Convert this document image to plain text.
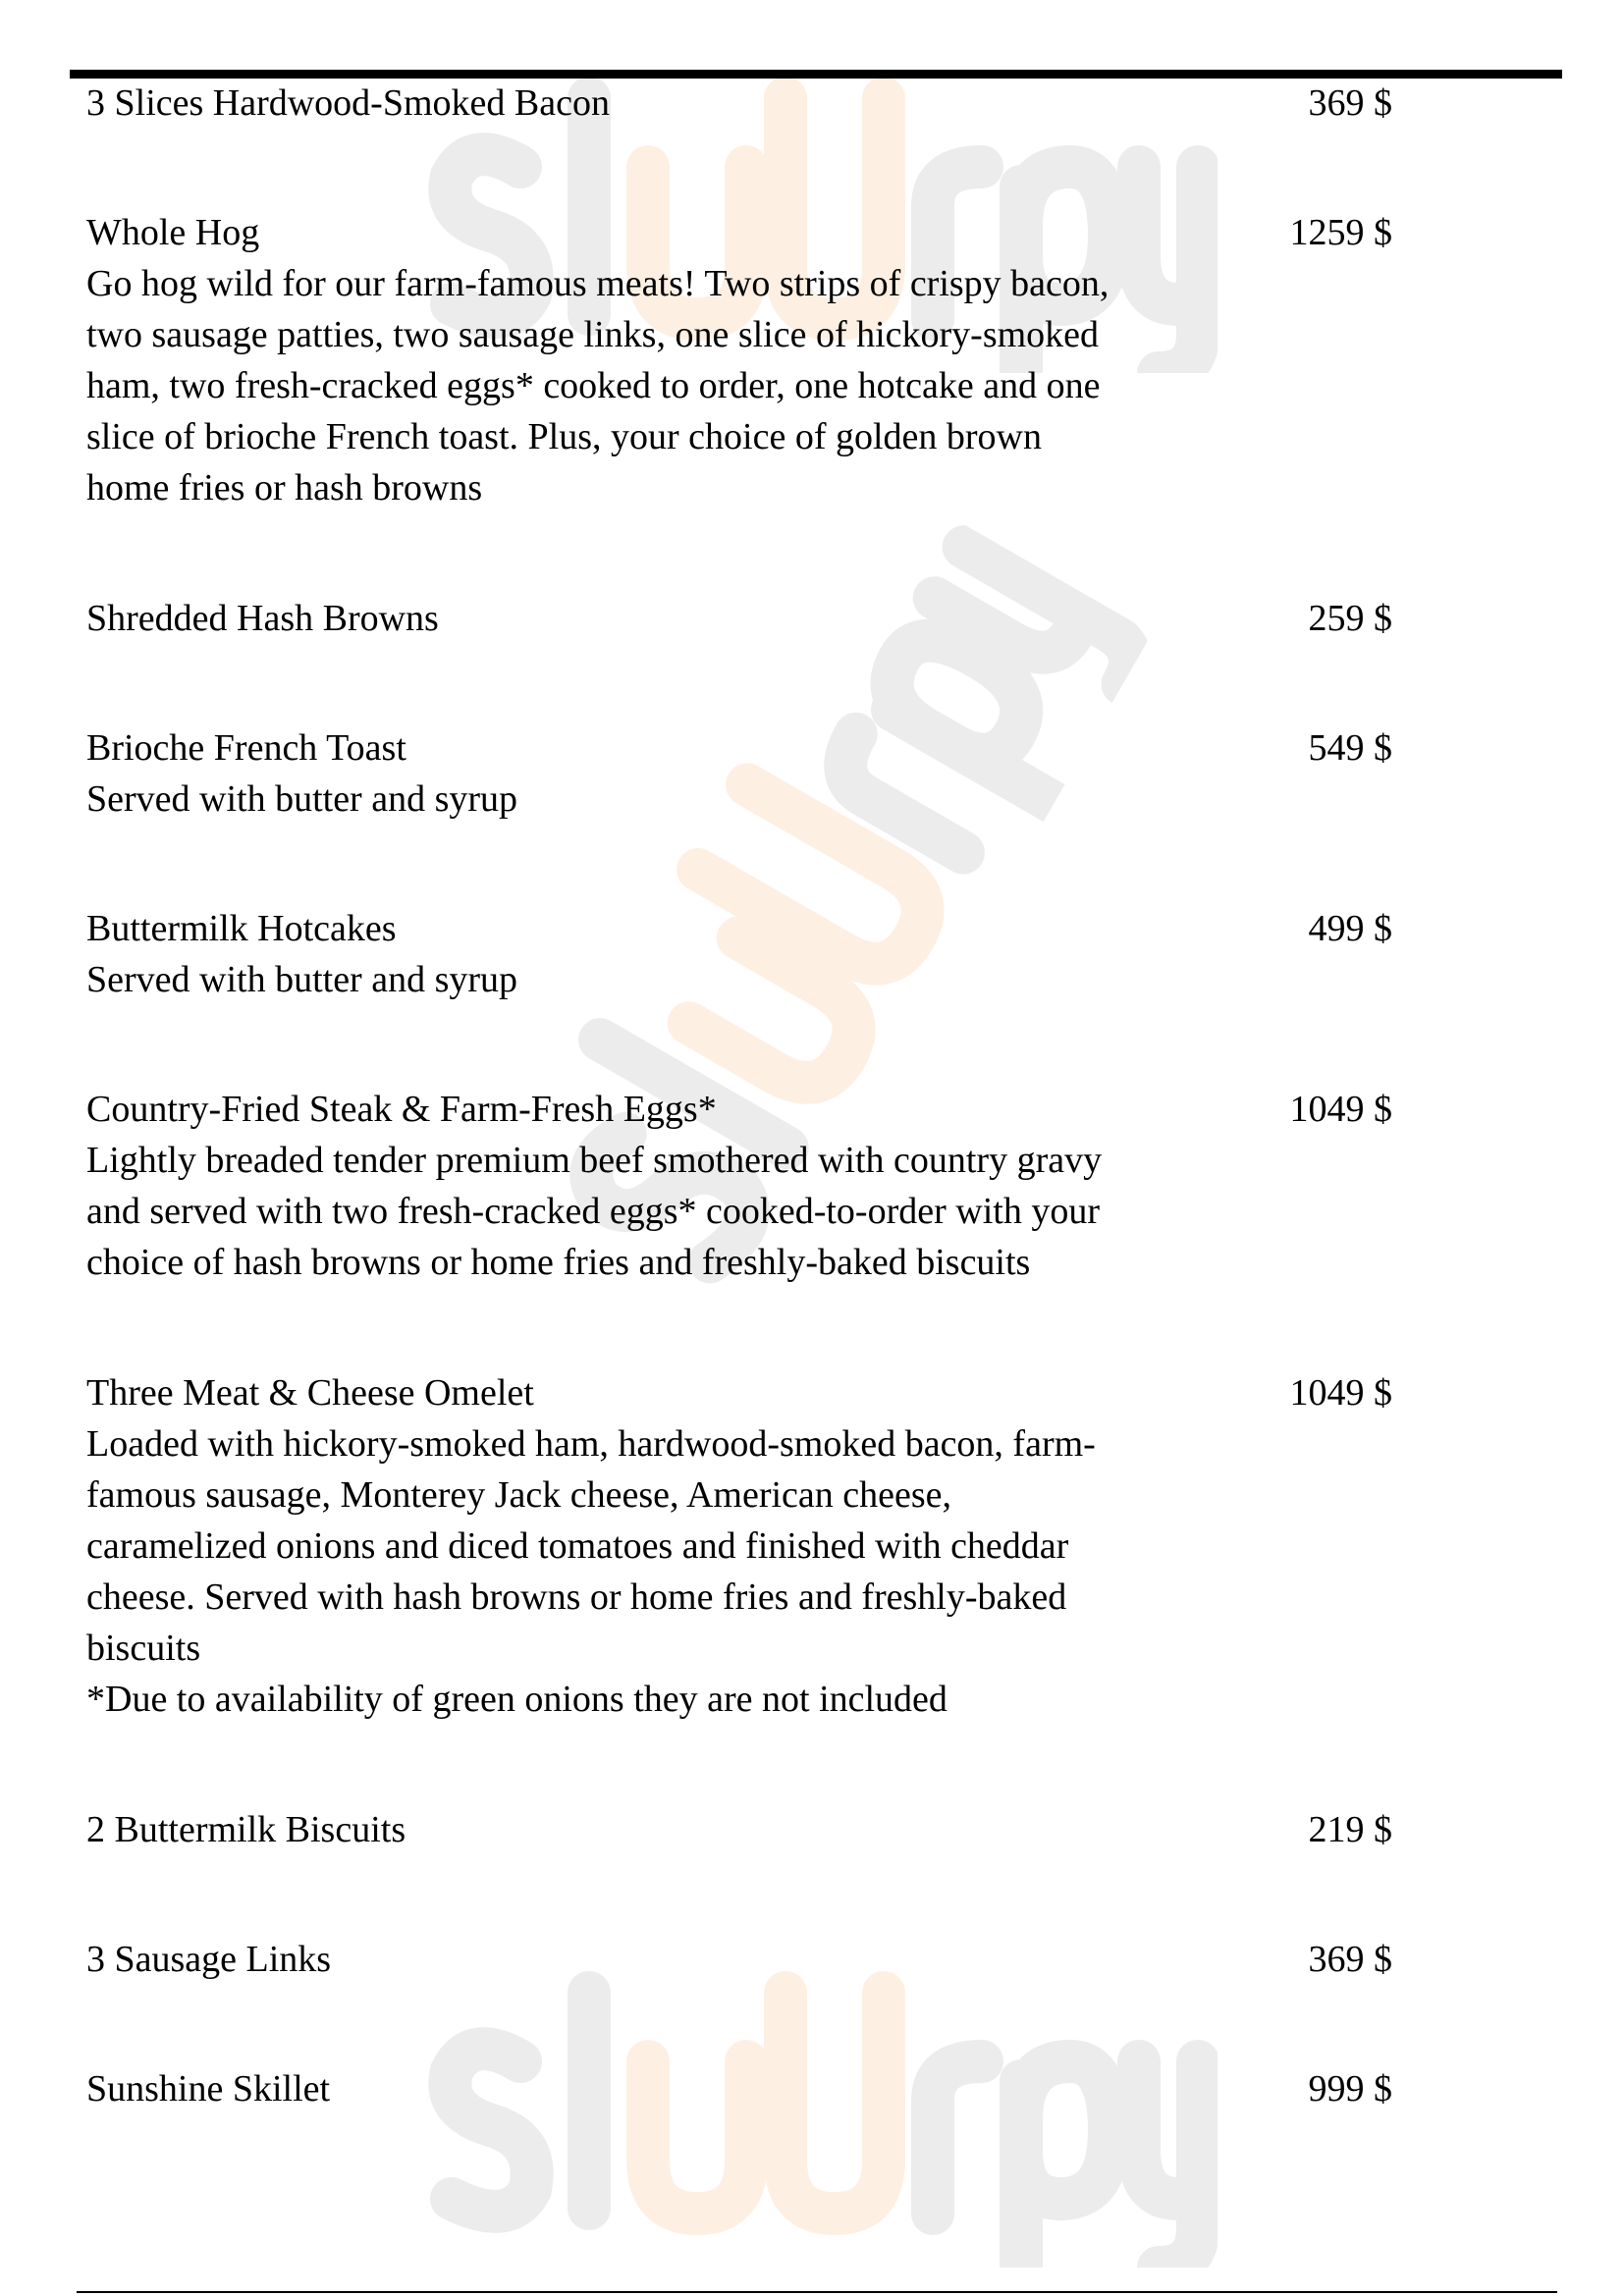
3 Slices Hardwood-Smoked Bacon	369 $
Whole Hog	1259 $
Go hog wild for our farm-famous meats! Two strips of crispy bacon,
two sausage patties, two sausage links, one slice of hickory-smoked
ham, two fresh-cracked eggs* cooked to order, one hotcake and one
slice of brioche French toast. Plus, your choice of golden brown
home fries or hash browns
Shredded Hash Browns	259 $
Brioche French Toast	549 $
Served with butter and syrup
Buttermilk Hotcakes	499 $
Served with butter and syrup
Country-Fried Steak & Farm-Fresh Eggs*	1049 $
Lightly breaded tender premium beef smothered with country gravy
and served with two fresh-cracked eggs* cooked-to-order with your
choice of hash browns or home fries and freshly-baked biscuits
Three Meat & Cheese Omelet	1049 $
Loaded with hickory-smoked ham, hardwood-smoked bacon, farm-
famous sausage, Monterey Jack cheese, American cheese,
caramelized onions and diced tomatoes and finished with cheddar
cheese. Served with hash browns or home fries and freshly-baked
biscuits
*Due to availability of green onions they are not included
2 Buttermilk Biscuits	219 $
3 Sausage Links	369 $
Sunshine Skillet	999 $
